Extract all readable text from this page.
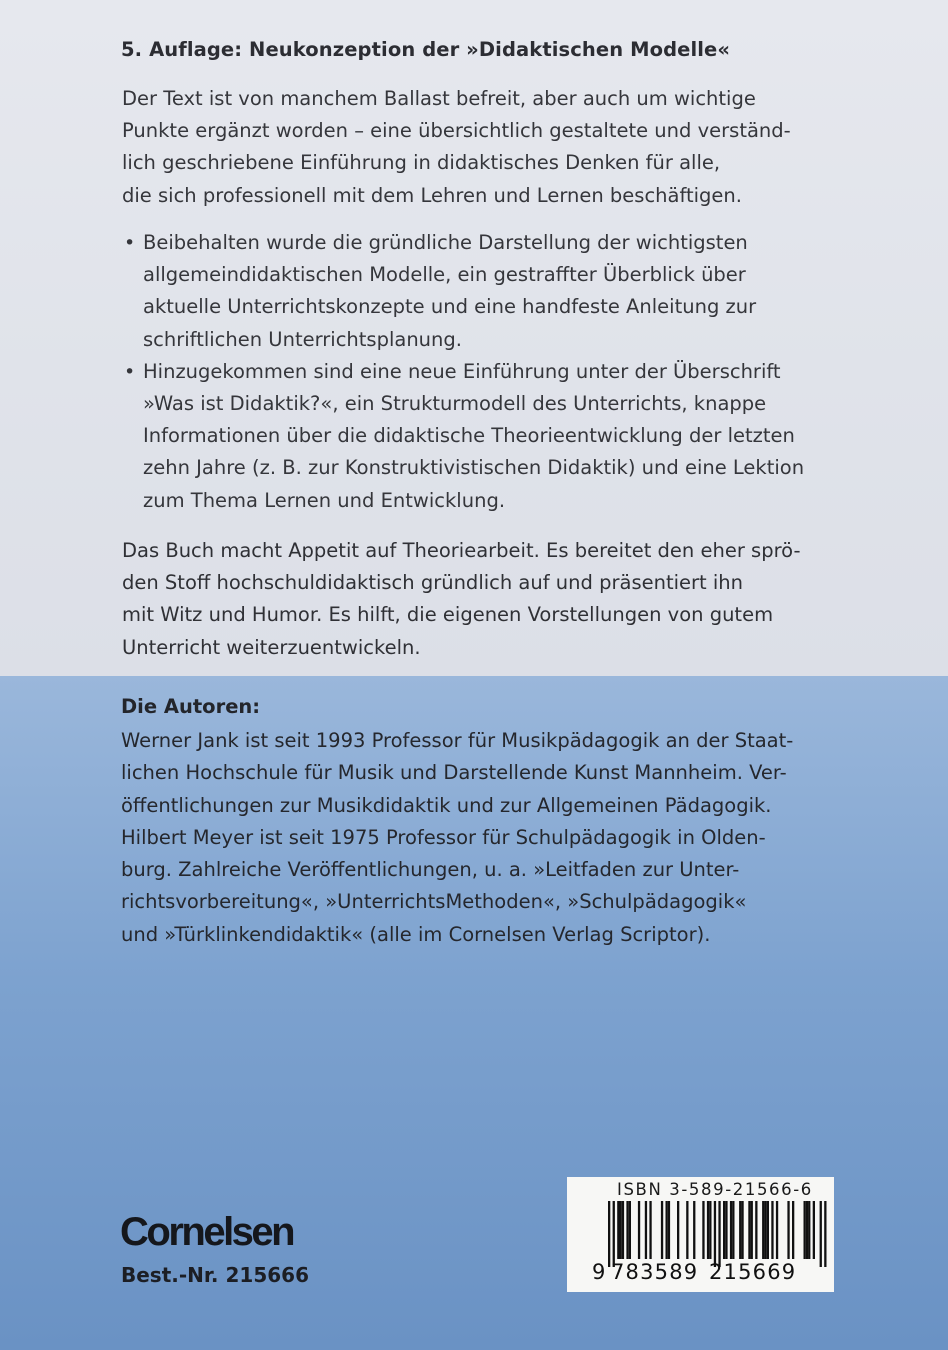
5. Auflage: Neukonzeption der »Didaktischen Modelle«

Der Text ist von manchem Ballast befreit, aber auch um wichtige
Punkte ergänzt worden – eine übersichtlich gestaltete und verständ-
lich geschriebene Einführung in didaktisches Denken für alle,
die sich professionell mit dem Lehren und Lernen beschäftigen.

• Beibehalten wurde die gründliche Darstellung der wichtigsten
allgemeindidaktischen Modelle, ein gestraffter Überblick über
aktuelle Unterrichtskonzepte und eine handfeste Anleitung zur
schriftlichen Unterrichtsplanung.
• Hinzugekommen sind eine neue Einführung unter der Überschrift
»Was ist Didaktik?«, ein Strukturmodell des Unterrichts, knappe
Informationen über die didaktische Theorieentwicklung der letzten
zehn Jahre (z. B. zur Konstruktivistischen Didaktik) und eine Lektion
zum Thema Lernen und Entwicklung.

Das Buch macht Appetit auf Theoriearbeit. Es bereitet den eher sprö-
den Stoff hochschuldidaktisch gründlich auf und präsentiert ihn
mit Witz und Humor. Es hilft, die eigenen Vorstellungen von gutem
Unterricht weiterzuentwickeln.

Die Autoren:

Werner Jank ist seit 1993 Professor für Musikpädagogik an der Staat-
lichen Hochschule für Musik und Darstellende Kunst Mannheim. Ver-
öffentlichungen zur Musikdidaktik und zur Allgemeinen Pädagogik.
Hilbert Meyer ist seit 1975 Professor für Schulpädagogik in Olden-
burg. Zahlreiche Veröffentlichungen, u. a. »Leitfaden zur Unter-
richtsvorbereitung«, »UnterrichtsMethoden«, »Schulpädagogik«
und »Türklinkendidaktik« (alle im Cornelsen Verlag Scriptor).

Cornelsen
Best.-Nr. 215666
ISBN 3-589-21566-6
9 783589 215669
